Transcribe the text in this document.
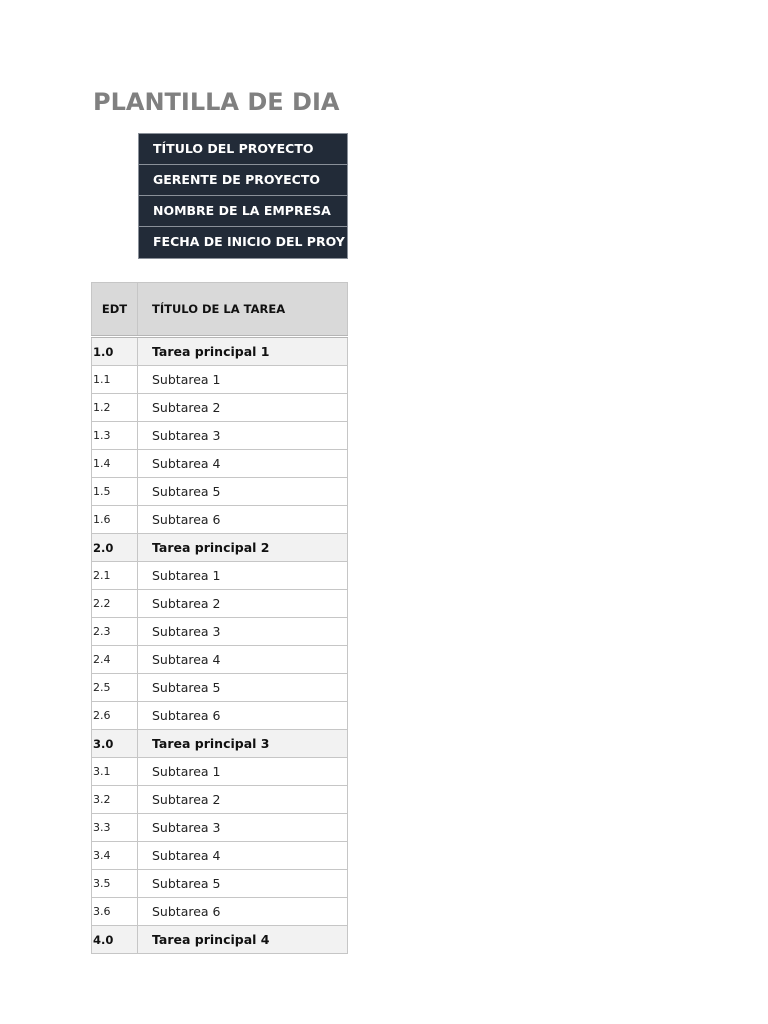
PLANTILLA DE DIA
TÍTULO DEL PROYECTO
GERENTE DE PROYECTO
NOMBRE DE LA EMPRESA
FECHA DE INICIO DEL PROY
EDT	TÍTULO DE LA TAREA
1.0	Tarea principal 1
1.1	Subtarea 1
1.2	Subtarea 2
1.3	Subtarea 3
1.4	Subtarea 4
1.5	Subtarea 5
1.6	Subtarea 6
2.0	Tarea principal 2
2.1	Subtarea 1
2.2	Subtarea 2
2.3	Subtarea 3
2.4	Subtarea 4
2.5	Subtarea 5
2.6	Subtarea 6
3.0	Tarea principal 3
3.1	Subtarea 1
3.2	Subtarea 2
3.3	Subtarea 3
3.4	Subtarea 4
3.5	Subtarea 5
3.6	Subtarea 6
4.0	Tarea principal 4
